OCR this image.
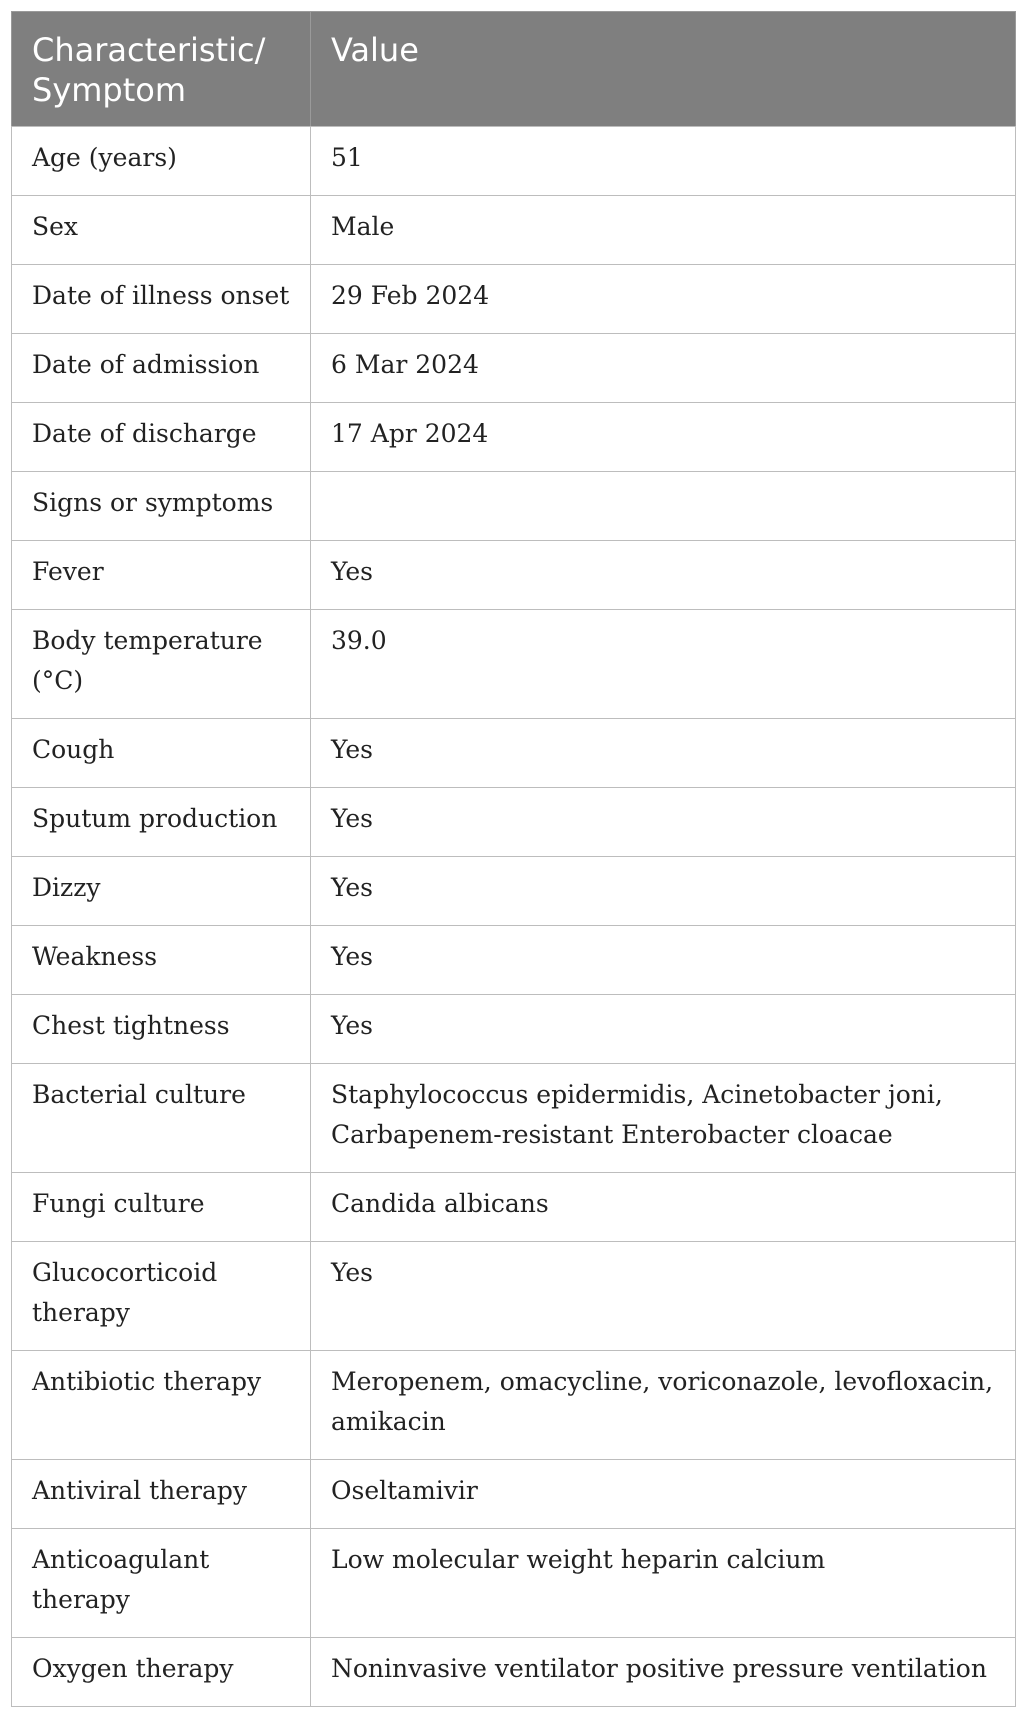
Characteristic/ Symptom	Value
Age (years)	51
Sex	Male
Date of illness onset	29 Feb 2024
Date of admission	6 Mar 2024
Date of discharge	17 Apr 2024
Signs or symptoms	
Fever	Yes
Body temperature (°C)	39.0
Cough	Yes
Sputum production	Yes
Dizzy	Yes
Weakness	Yes
Chest tightness	Yes
Bacterial culture	Staphylococcus epidermidis, Acinetobacter joni, Carbapenem-resistant Enterobacter cloacae
Fungi culture	Candida albicans
Glucocorticoid therapy	Yes
Antibiotic therapy	Meropenem, omacycline, voriconazole, levofloxacin, amikacin
Antiviral therapy	Oseltamivir
Anticoagulant therapy	Low molecular weight heparin calcium
Oxygen therapy	Noninvasive ventilator positive pressure ventilation
